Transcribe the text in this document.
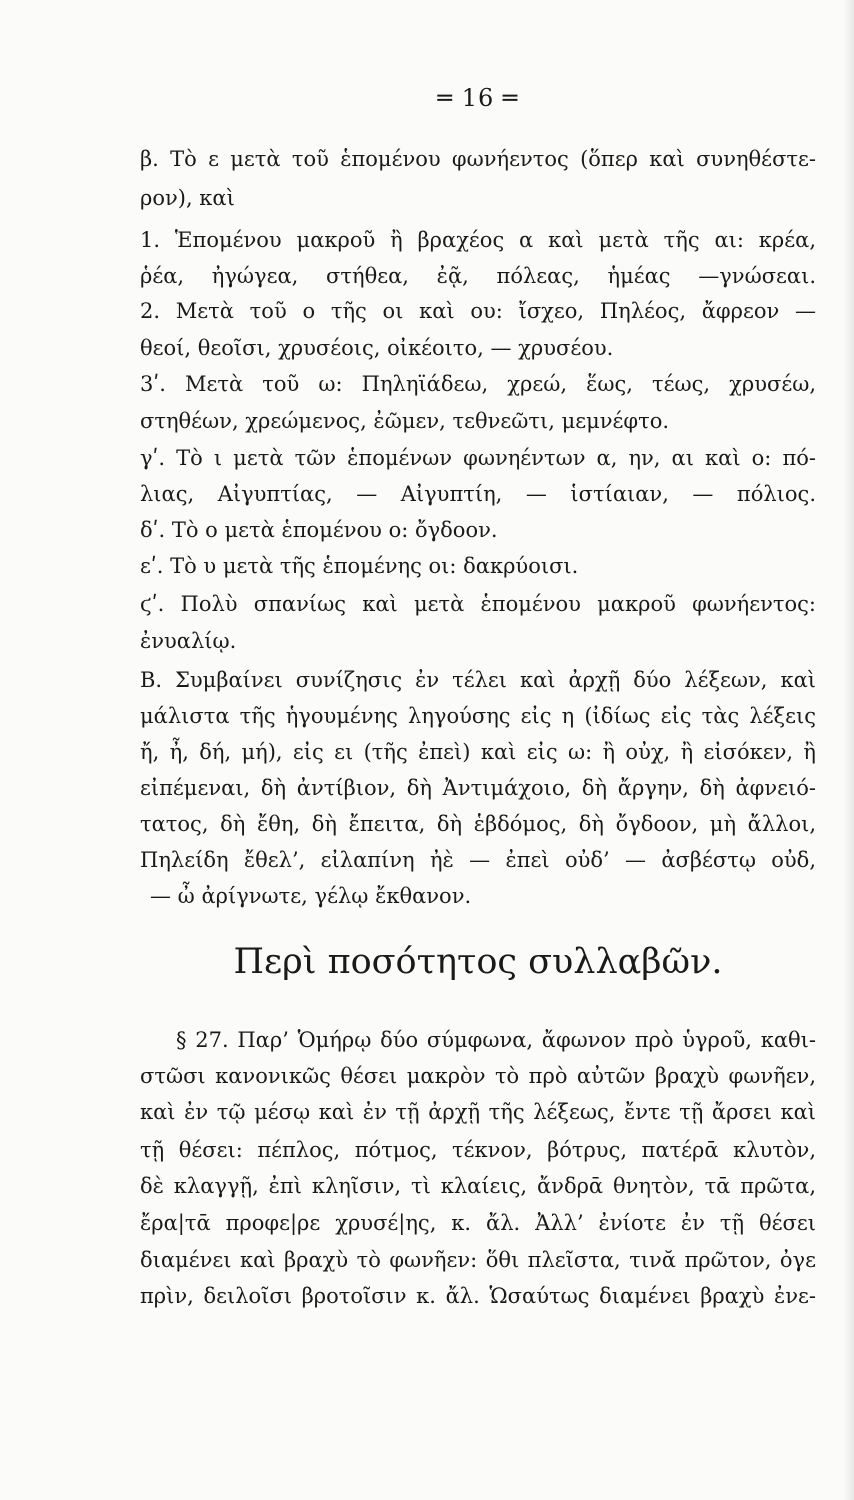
═ 16 ═
β. Τὸ ε μετὰ τοῦ ἑπομένου φωνήεντος (ὅπερ καὶ συνηθέστε-
ρον), καὶ
1. Ἑπομένου μακροῦ ἢ βραχέος α καὶ μετὰ τῆς αι: κρέα,
ῥέα, ἠγώγεα, στήθεα, ἐᾷ, πόλεας, ἡμέας —γνώσεαι.
2. Μετὰ τοῦ ο τῆς οι καὶ ου: ἴσχεο, Πηλέος, ἄφρεον —
θεοί, θεοῖσι, χρυσέοις, οἰκέοιτο, — χρυσέου.
3ʹ. Μετὰ τοῦ ω: Πηληϊάδεω, χρεώ, ἕως, τέως, χρυσέω,
στηθέων, χρεώμενος, ἐῶμεν, τεθνεῶτι, μεμνέφτο.
γʹ. Τὸ ι μετὰ τῶν ἑπομένων φωνηέντων α, ην, αι καὶ ο: πό-
λιας, Αἰγυπτίας, — Αἰγυπτίη, — ἱστίαιαν, — πόλιος.
δʹ. Τὸ ο μετὰ ἑπομένου ο: ὄγδοον.
εʹ. Τὸ υ μετὰ τῆς ἑπομένης οι: δακρύοισι.
ϛʹ. Πολὺ σπανίως καὶ μετὰ ἑπομένου μακροῦ φωνήεντος:
ἐνυαλίῳ.
Β. Συμβαίνει συνίζησις ἐν τέλει καὶ ἀρχῇ δύο λέξεων, καὶ
μάλιστα τῆς ἡγουμένης ληγούσης εἰς η (ἰδίως εἰς τὰς λέξεις
ἤ, ἦ, δή, μή), εἰς ει (τῆς ἐπεὶ) καὶ εἰς ω: ἢ οὐχ, ἢ εἰσόκεν, ἢ
εἰπέμεναι, δὴ ἀντίβιον, δὴ Ἀντιμάχοιο, δὴ ἄργην, δὴ ἀφνειό-
τατος, δὴ ἔθη, δὴ ἔπειτα, δὴ ἑβδόμος, δὴ ὄγδοον, μὴ ἄλλοι,
Πηλείδη ἔθελ’, εἰλαπίνη ἠὲ — ἐπεὶ οὐδ’ — ἀσβέστῳ οὐδ,
— ὦ ἀρίγνωτε, γέλῳ ἔκθανον.
Περὶ ποσότητος συλλαβῶν.
§ 27. Παρ’ Ὁμήρῳ δύο σύμφωνα, ἄφωνον πρὸ ὑγροῦ, καθι-
στῶσι κανονικῶς θέσει μακρὸν τὸ πρὸ αὐτῶν βραχὺ φωνῆεν,
καὶ ἐν τῷ μέσῳ καὶ ἐν τῇ ἀρχῇ τῆς λέξεως, ἔντε τῇ ἄρσει καὶ
τῇ θέσει: πέπλος, πότμος, τέκνον, βότρυς, πατέρᾱ κλυτὸν,
δὲ κλαγγῇ, ἐπὶ κληῖσιν, τὶ κλαίεις, ἄνδρᾱ θνητὸν, τᾱ πρῶτα,
ἔρα|τᾱ προφε|ρε χρυσέ|ης, κ. ἄλ. Ἀλλ’ ἐνίοτε ἐν τῇ θέσει
διαμένει καὶ βραχὺ τὸ φωνῆεν: ὅθι πλεῖστα, τινᾰ πρῶτον, ὀγε
πρὶν, δειλοῖσι βροτοῖσιν κ. ἄλ. Ὡσαύτως διαμένει βραχὺ ἐνε-
